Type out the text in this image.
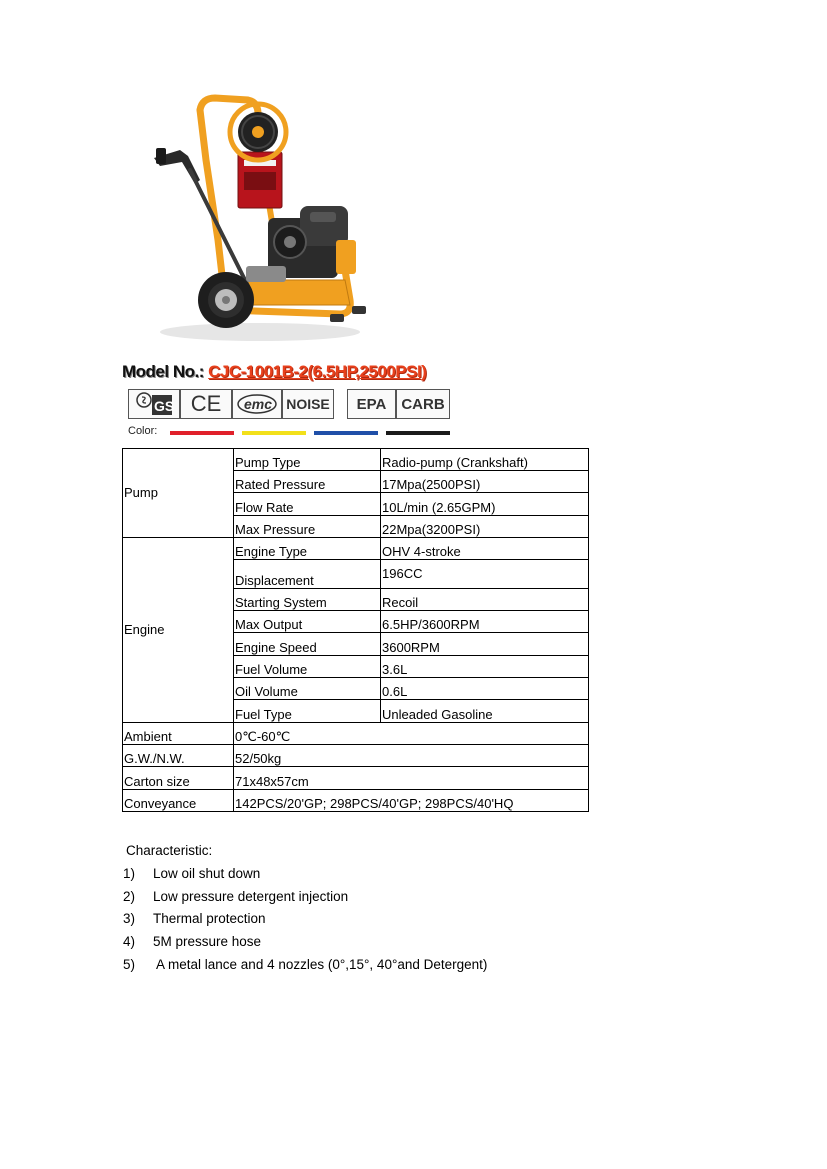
Model No.: CJC-1001B-2(6.5HP,2500PSI)
GS CE	emc	NOISE	EPA CARB
Color:
Pump	Pump Type	Radio-pump (Crankshaft)
	Rated Pressure	17Mpa(2500PSI)
	Flow Rate	10L/min (2.65GPM)
	Max Pressure	22Mpa(3200PSI)
Engine	Engine Type	OHV 4-stroke
	Displacement	196CC
	Starting System	Recoil
	Max Output	6.5HP/3600RPM
	Engine Speed	3600RPM
	Fuel Volume	3.6L
	Oil Volume	0.6L
	Fuel Type	Unleaded Gasoline
Ambient	0℃-60℃	
G.W./N.W.	52/50kg	
Carton size	71x48x57cm	
Conveyance	142PCS/20'GP; 298PCS/40'GP; 298PCS/40'HQ	
Characteristic:
1) Low oil shut down
2) Low pressure detergent injection
3) Thermal protection
4) 5M pressure hose
5) A metal lance and 4 nozzles (0°,15°, 40°and Detergent)
